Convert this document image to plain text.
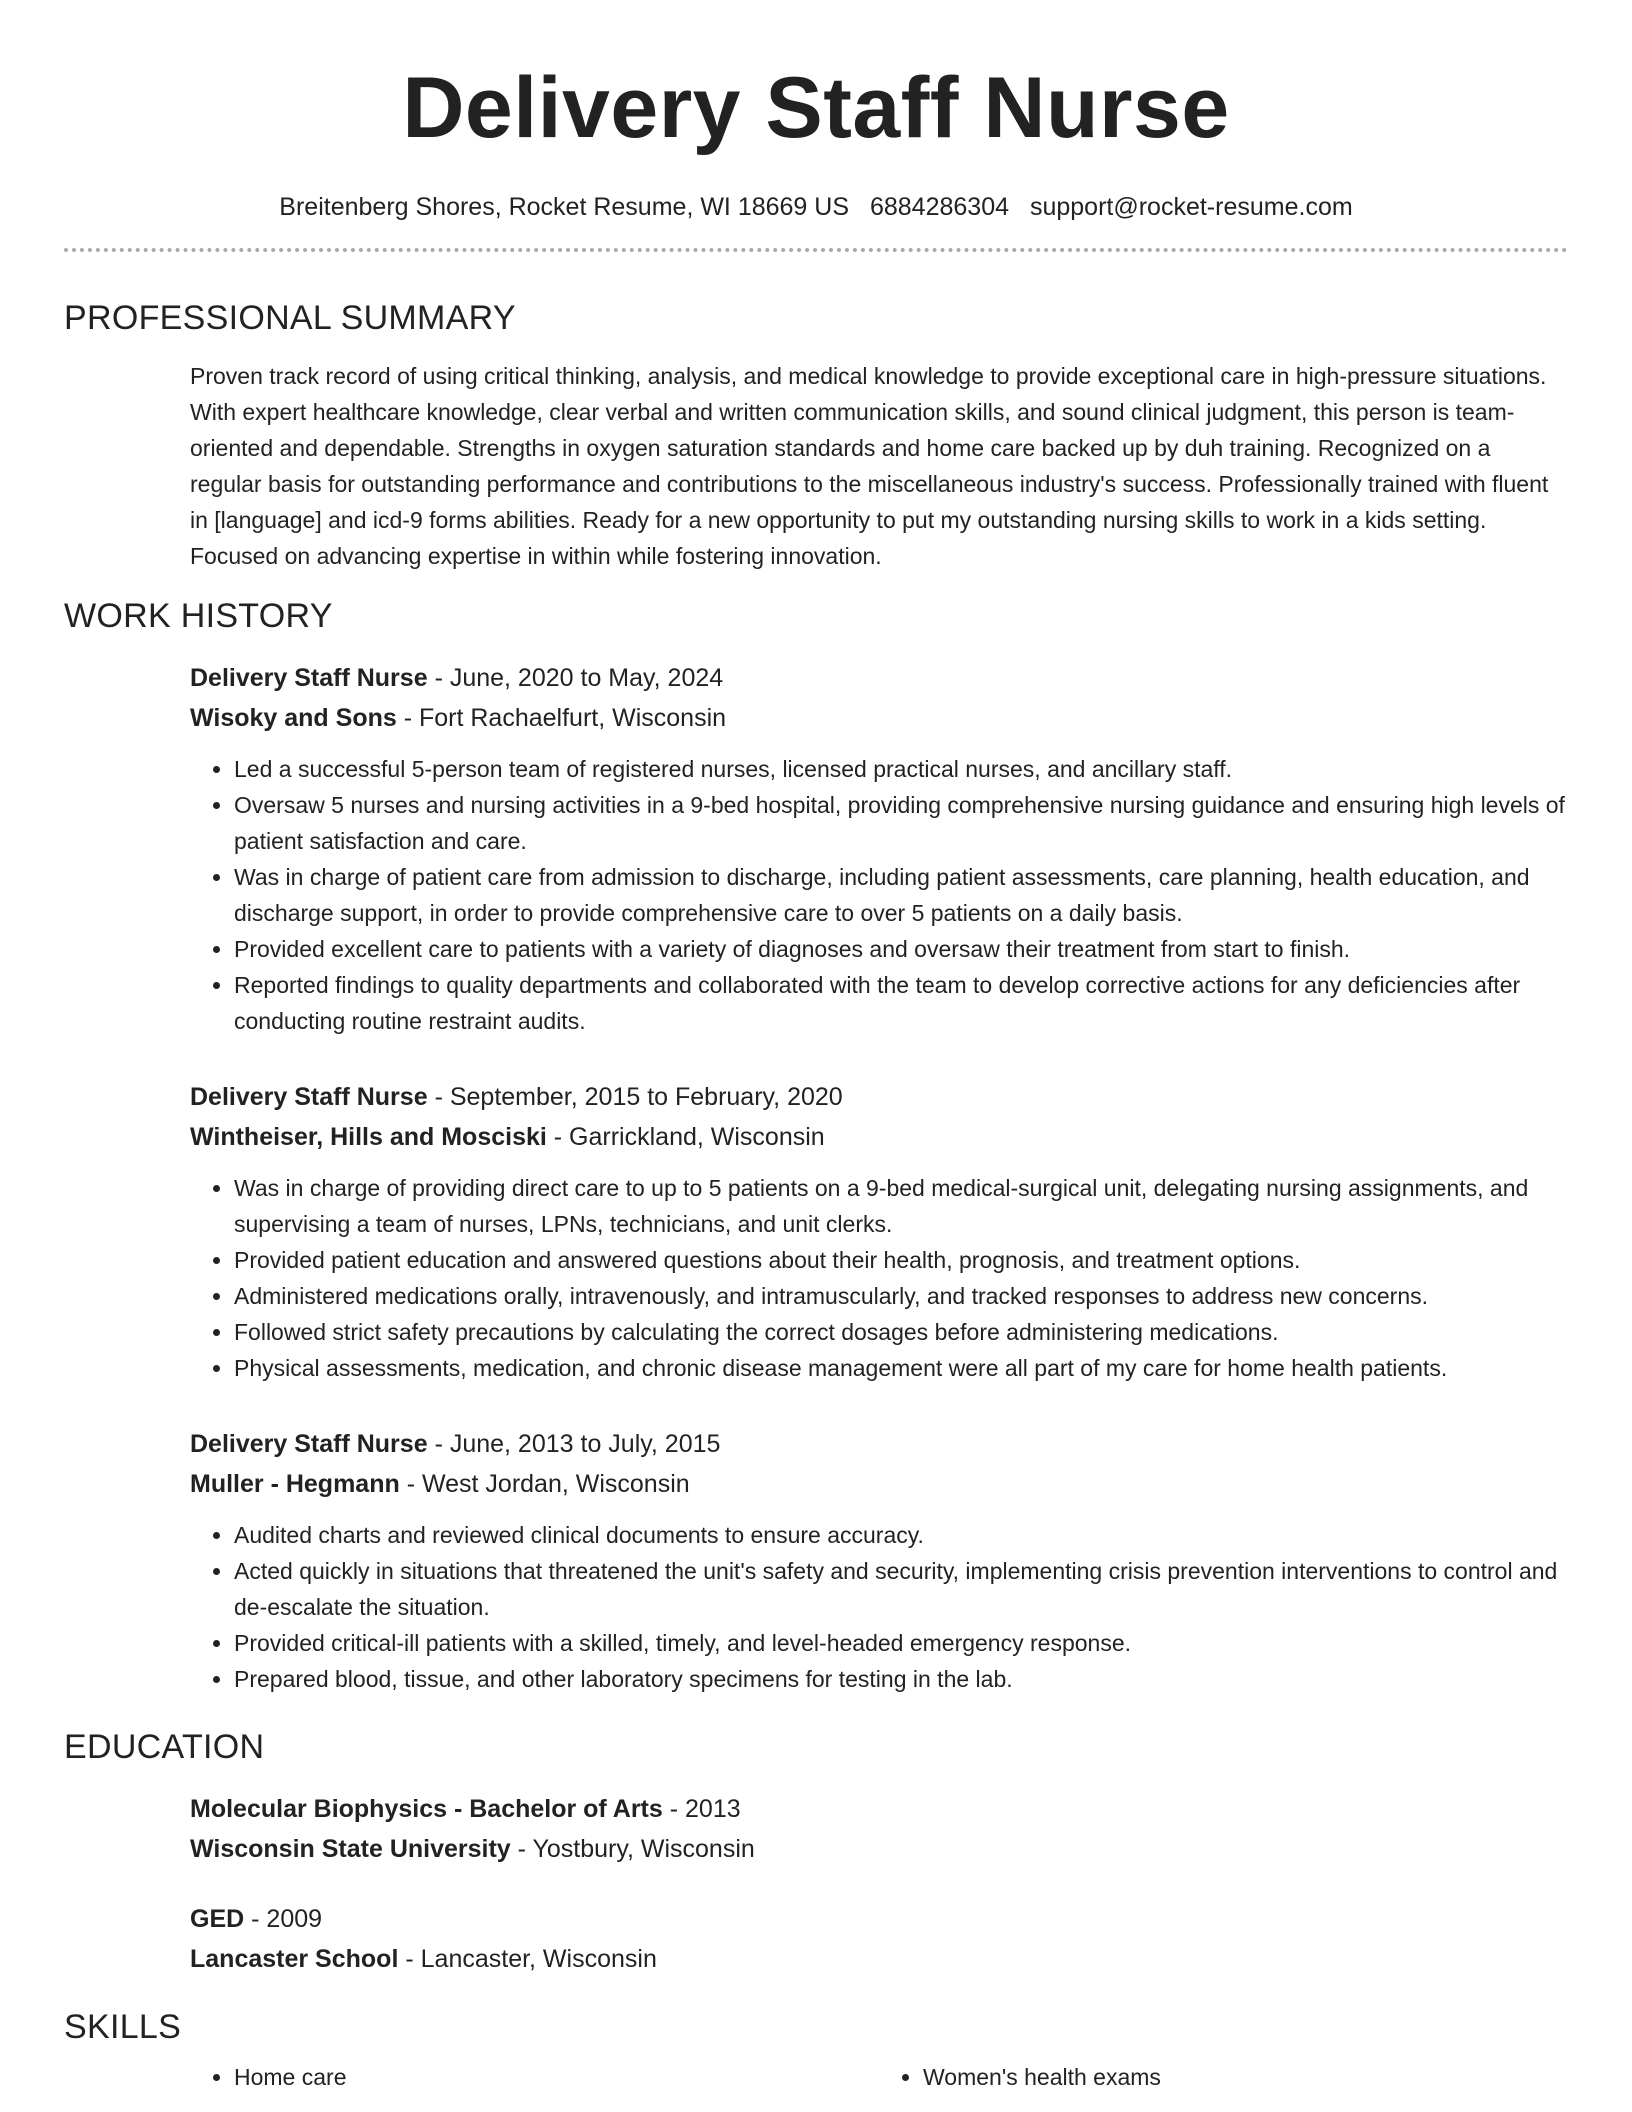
Delivery Staff Nurse
Breitenberg Shores, Rocket Resume, WI 18669 US 6884286304 support@rocket-resume.com
PROFESSIONAL SUMMARY
Proven track record of using critical thinking, analysis, and medical knowledge to provide exceptional care in high-pressure situations. With expert healthcare knowledge, clear verbal and written communication skills, and sound clinical judgment, this person is team-oriented and dependable. Strengths in oxygen saturation standards and home care backed up by duh training. Recognized on a regular basis for outstanding performance and contributions to the miscellaneous industry's success. Professionally trained with fluent in [language] and icd-9 forms abilities. Ready for a new opportunity to put my outstanding nursing skills to work in a kids setting. Focused on advancing expertise in within while fostering innovation.
WORK HISTORY
Delivery Staff Nurse - June, 2020 to May, 2024
Wisoky and Sons - Fort Rachaelfurt, Wisconsin
• Led a successful 5-person team of registered nurses, licensed practical nurses, and ancillary staff.
• Oversaw 5 nurses and nursing activities in a 9-bed hospital, providing comprehensive nursing guidance and ensuring high levels of patient satisfaction and care.
• Was in charge of patient care from admission to discharge, including patient assessments, care planning, health education, and discharge support, in order to provide comprehensive care to over 5 patients on a daily basis.
• Provided excellent care to patients with a variety of diagnoses and oversaw their treatment from start to finish.
• Reported findings to quality departments and collaborated with the team to develop corrective actions for any deficiencies after conducting routine restraint audits.
Delivery Staff Nurse - September, 2015 to February, 2020
Wintheiser, Hills and Mosciski - Garrickland, Wisconsin
• Was in charge of providing direct care to up to 5 patients on a 9-bed medical-surgical unit, delegating nursing assignments, and supervising a team of nurses, LPNs, technicians, and unit clerks.
• Provided patient education and answered questions about their health, prognosis, and treatment options.
• Administered medications orally, intravenously, and intramuscularly, and tracked responses to address new concerns.
• Followed strict safety precautions by calculating the correct dosages before administering medications.
• Physical assessments, medication, and chronic disease management were all part of my care for home health patients.
Delivery Staff Nurse - June, 2013 to July, 2015
Muller - Hegmann - West Jordan, Wisconsin
• Audited charts and reviewed clinical documents to ensure accuracy.
• Acted quickly in situations that threatened the unit's safety and security, implementing crisis prevention interventions to control and de-escalate the situation.
• Provided critical-ill patients with a skilled, timely, and level-headed emergency response.
• Prepared blood, tissue, and other laboratory specimens for testing in the lab.
EDUCATION
Molecular Biophysics - Bachelor of Arts - 2013
Wisconsin State University - Yostbury, Wisconsin
GED - 2009
Lancaster School - Lancaster, Wisconsin
SKILLS
• Home care
•	Women's health exams
